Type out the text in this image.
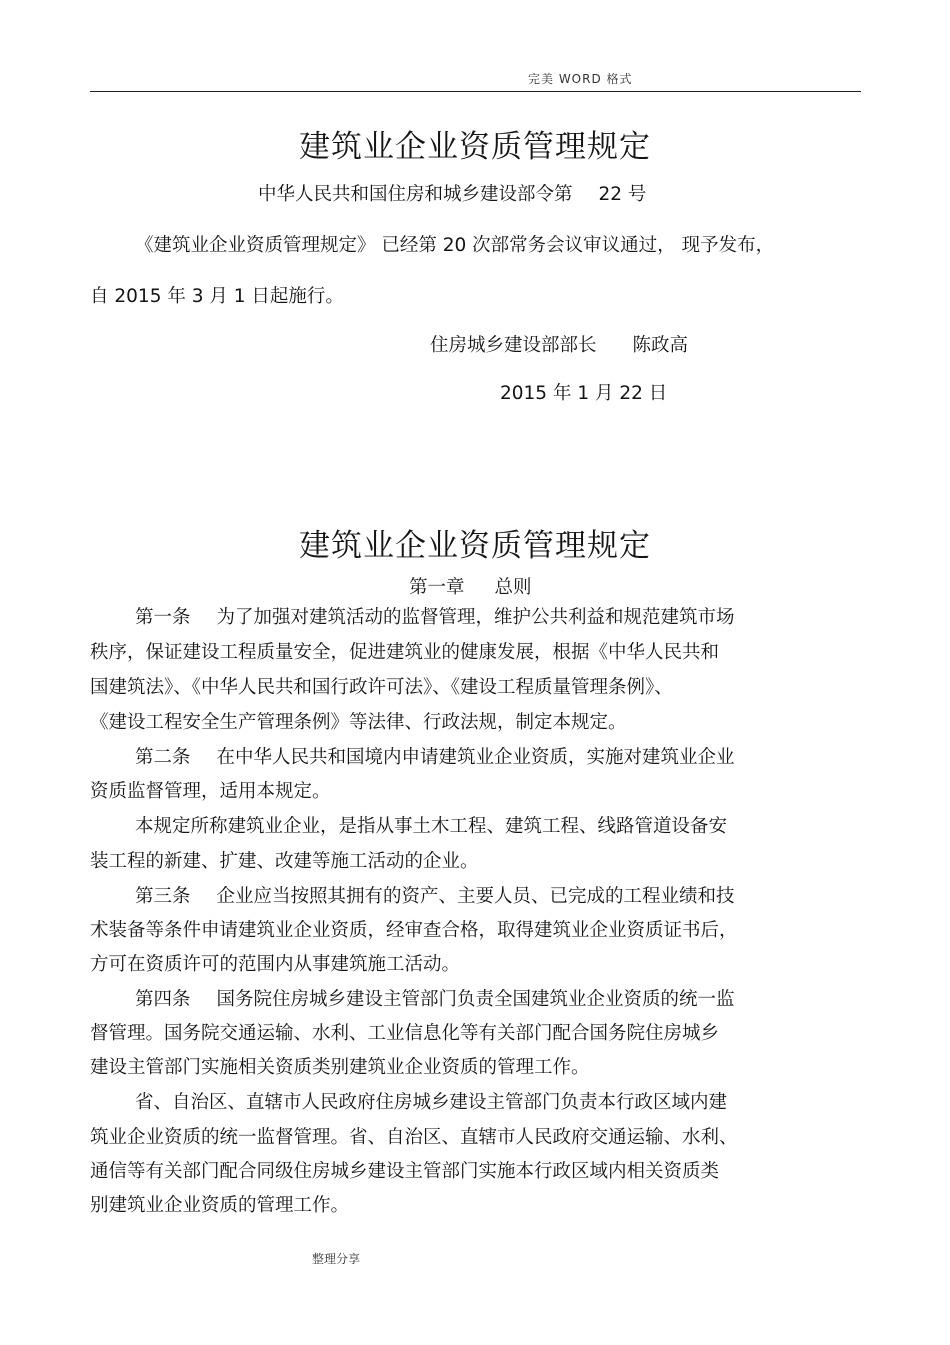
完美 WORD 格式
建筑业企业资质管理规定
中华人民共和国住房和城乡建设部令第 22 号
《建筑业企业资质管理规定》 已经第 20 次部常务会议审议通过， 现予发布，
自 2015 年 3 月 1 日起施行。
住房城乡建设部部长 陈政高
2015 年 1 月 22 日
建筑业企业资质管理规定
第一章 总则
第一条 为了加强对建筑活动的监督管理，维护公共利益和规范建筑市场
秩序，保证建设工程质量安全，促进建筑业的健康发展，根据《中华人民共和
国建筑法》、《中华人民共和国行政许可法》、《建设工程质量管理条例》、
《建设工程安全生产管理条例》等法律、行政法规，制定本规定。
第二条 在中华人民共和国境内申请建筑业企业资质，实施对建筑业企业
资质监督管理，适用本规定。
本规定所称建筑业企业，是指从事土木工程、建筑工程、线路管道设备安
装工程的新建、扩建、改建等施工活动的企业。
第三条 企业应当按照其拥有的资产、主要人员、已完成的工程业绩和技
术装备等条件申请建筑业企业资质，经审查合格，取得建筑业企业资质证书后，
方可在资质许可的范围内从事建筑施工活动。
第四条 国务院住房城乡建设主管部门负责全国建筑业企业资质的统一监
督管理。国务院交通运输、水利、工业信息化等有关部门配合国务院住房城乡
建设主管部门实施相关资质类别建筑业企业资质的管理工作。
省、自治区、直辖市人民政府住房城乡建设主管部门负责本行政区域内建
筑业企业资质的统一监督管理。省、自治区、直辖市人民政府交通运输、水利、
通信等有关部门配合同级住房城乡建设主管部门实施本行政区域内相关资质类
别建筑业企业资质的管理工作。
整理分享
